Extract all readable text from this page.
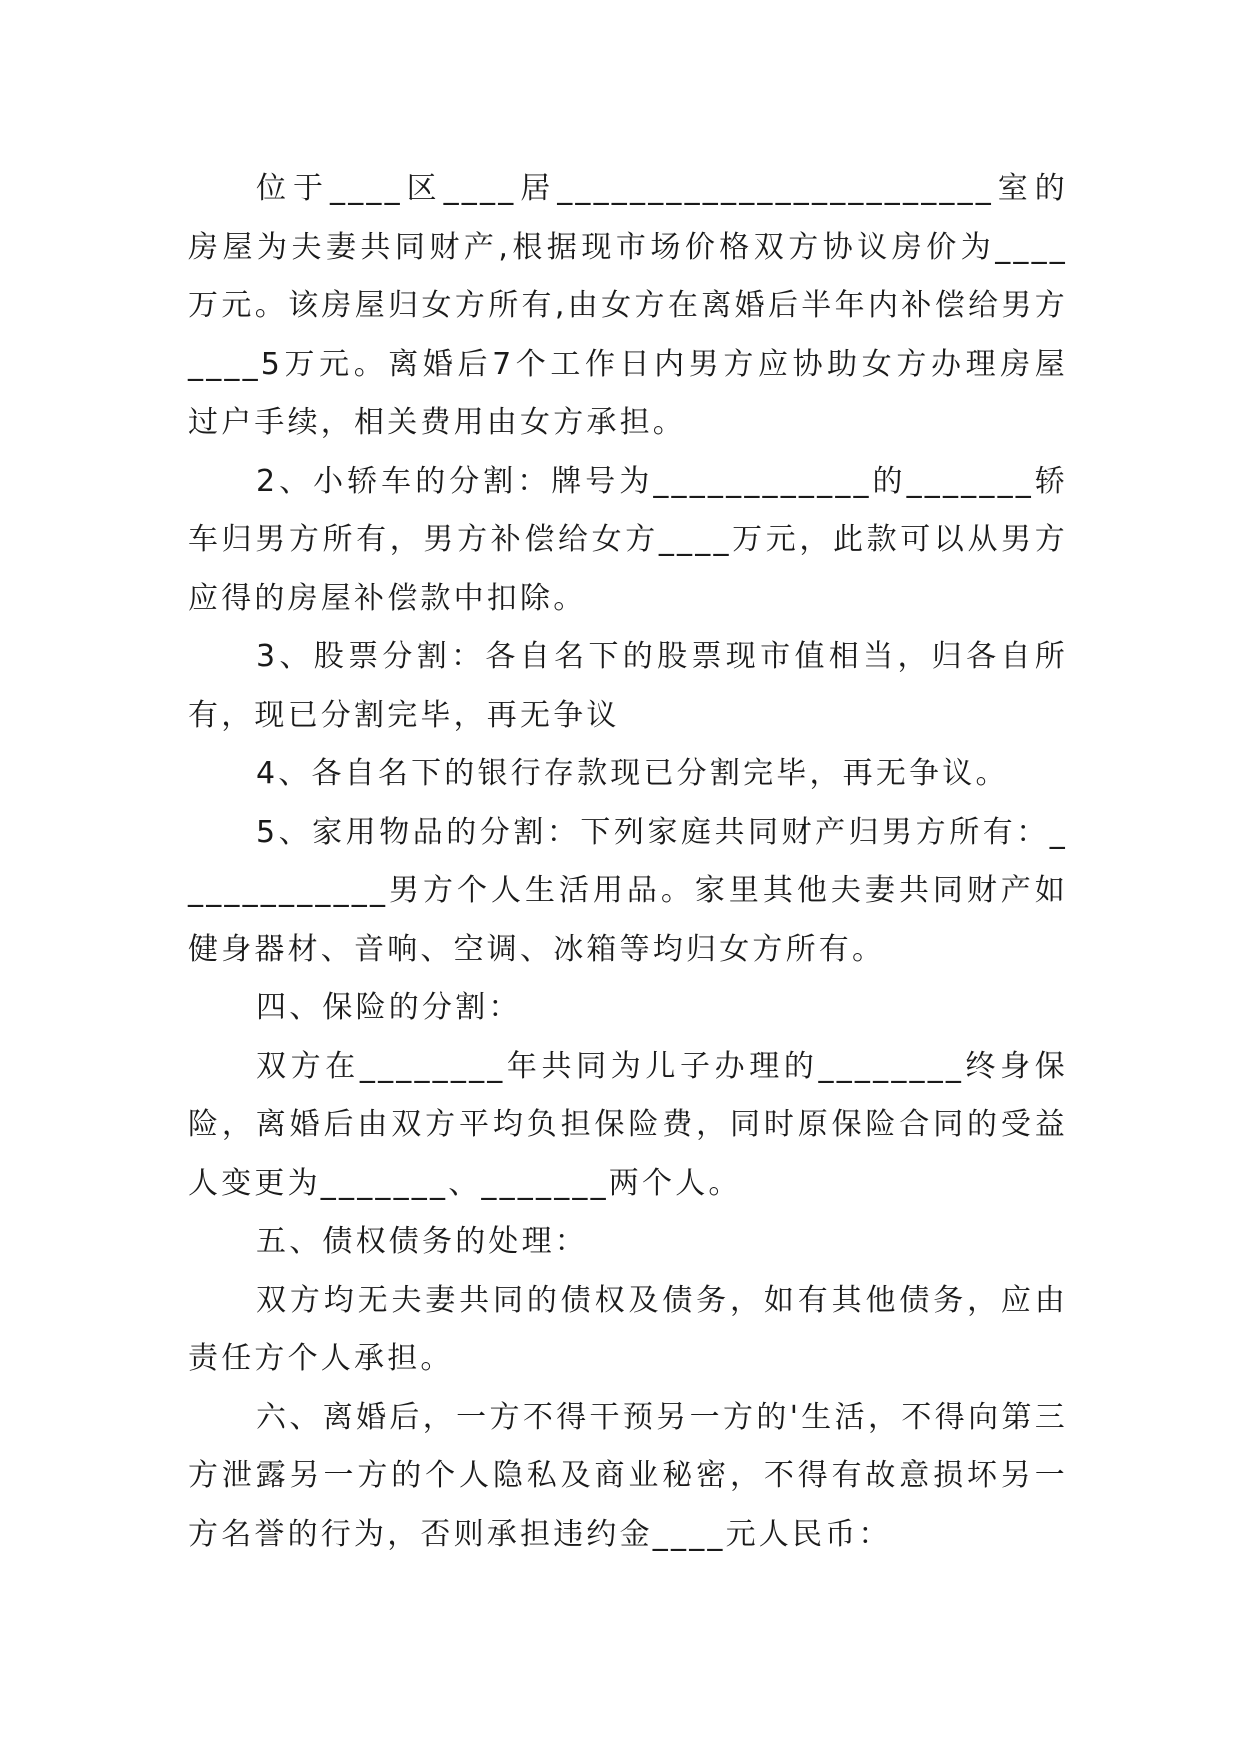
位于____区____居________________________室的房屋为夫妻共同财产,根据现市场价格双方协议房价为____万元。该房屋归女方所有,由女方在离婚后半年内补偿给男方____5万元。离婚后7个工作日内男方应协助女方办理房屋过户手续，相关费用由女方承担。

2、小轿车的分割：牌号为____________的_______轿车归男方所有，男方补偿给女方____万元，此款可以从男方应得的房屋补偿款中扣除。

3、股票分割：各自名下的股票现市值相当，归各自所有，现已分割完毕，再无争议

4、各自名下的银行存款现已分割完毕，再无争议。

5、家用物品的分割：下列家庭共同财产归男方所有：____________男方个人生活用品。家里其他夫妻共同财产如健身器材、音响、空调、冰箱等均归女方所有。

四、保险的分割：

双方在________年共同为儿子办理的________终身保险，离婚后由双方平均负担保险费，同时原保险合同的受益人变更为_______、_______两个人。

五、债权债务的处理：

双方均无夫妻共同的债权及债务，如有其他债务，应由责任方个人承担。

六、离婚后，一方不得干预另一方的'生活，不得向第三方泄露另一方的个人隐私及商业秘密，不得有故意损坏另一方名誉的行为，否则承担违约金____元人民币：
